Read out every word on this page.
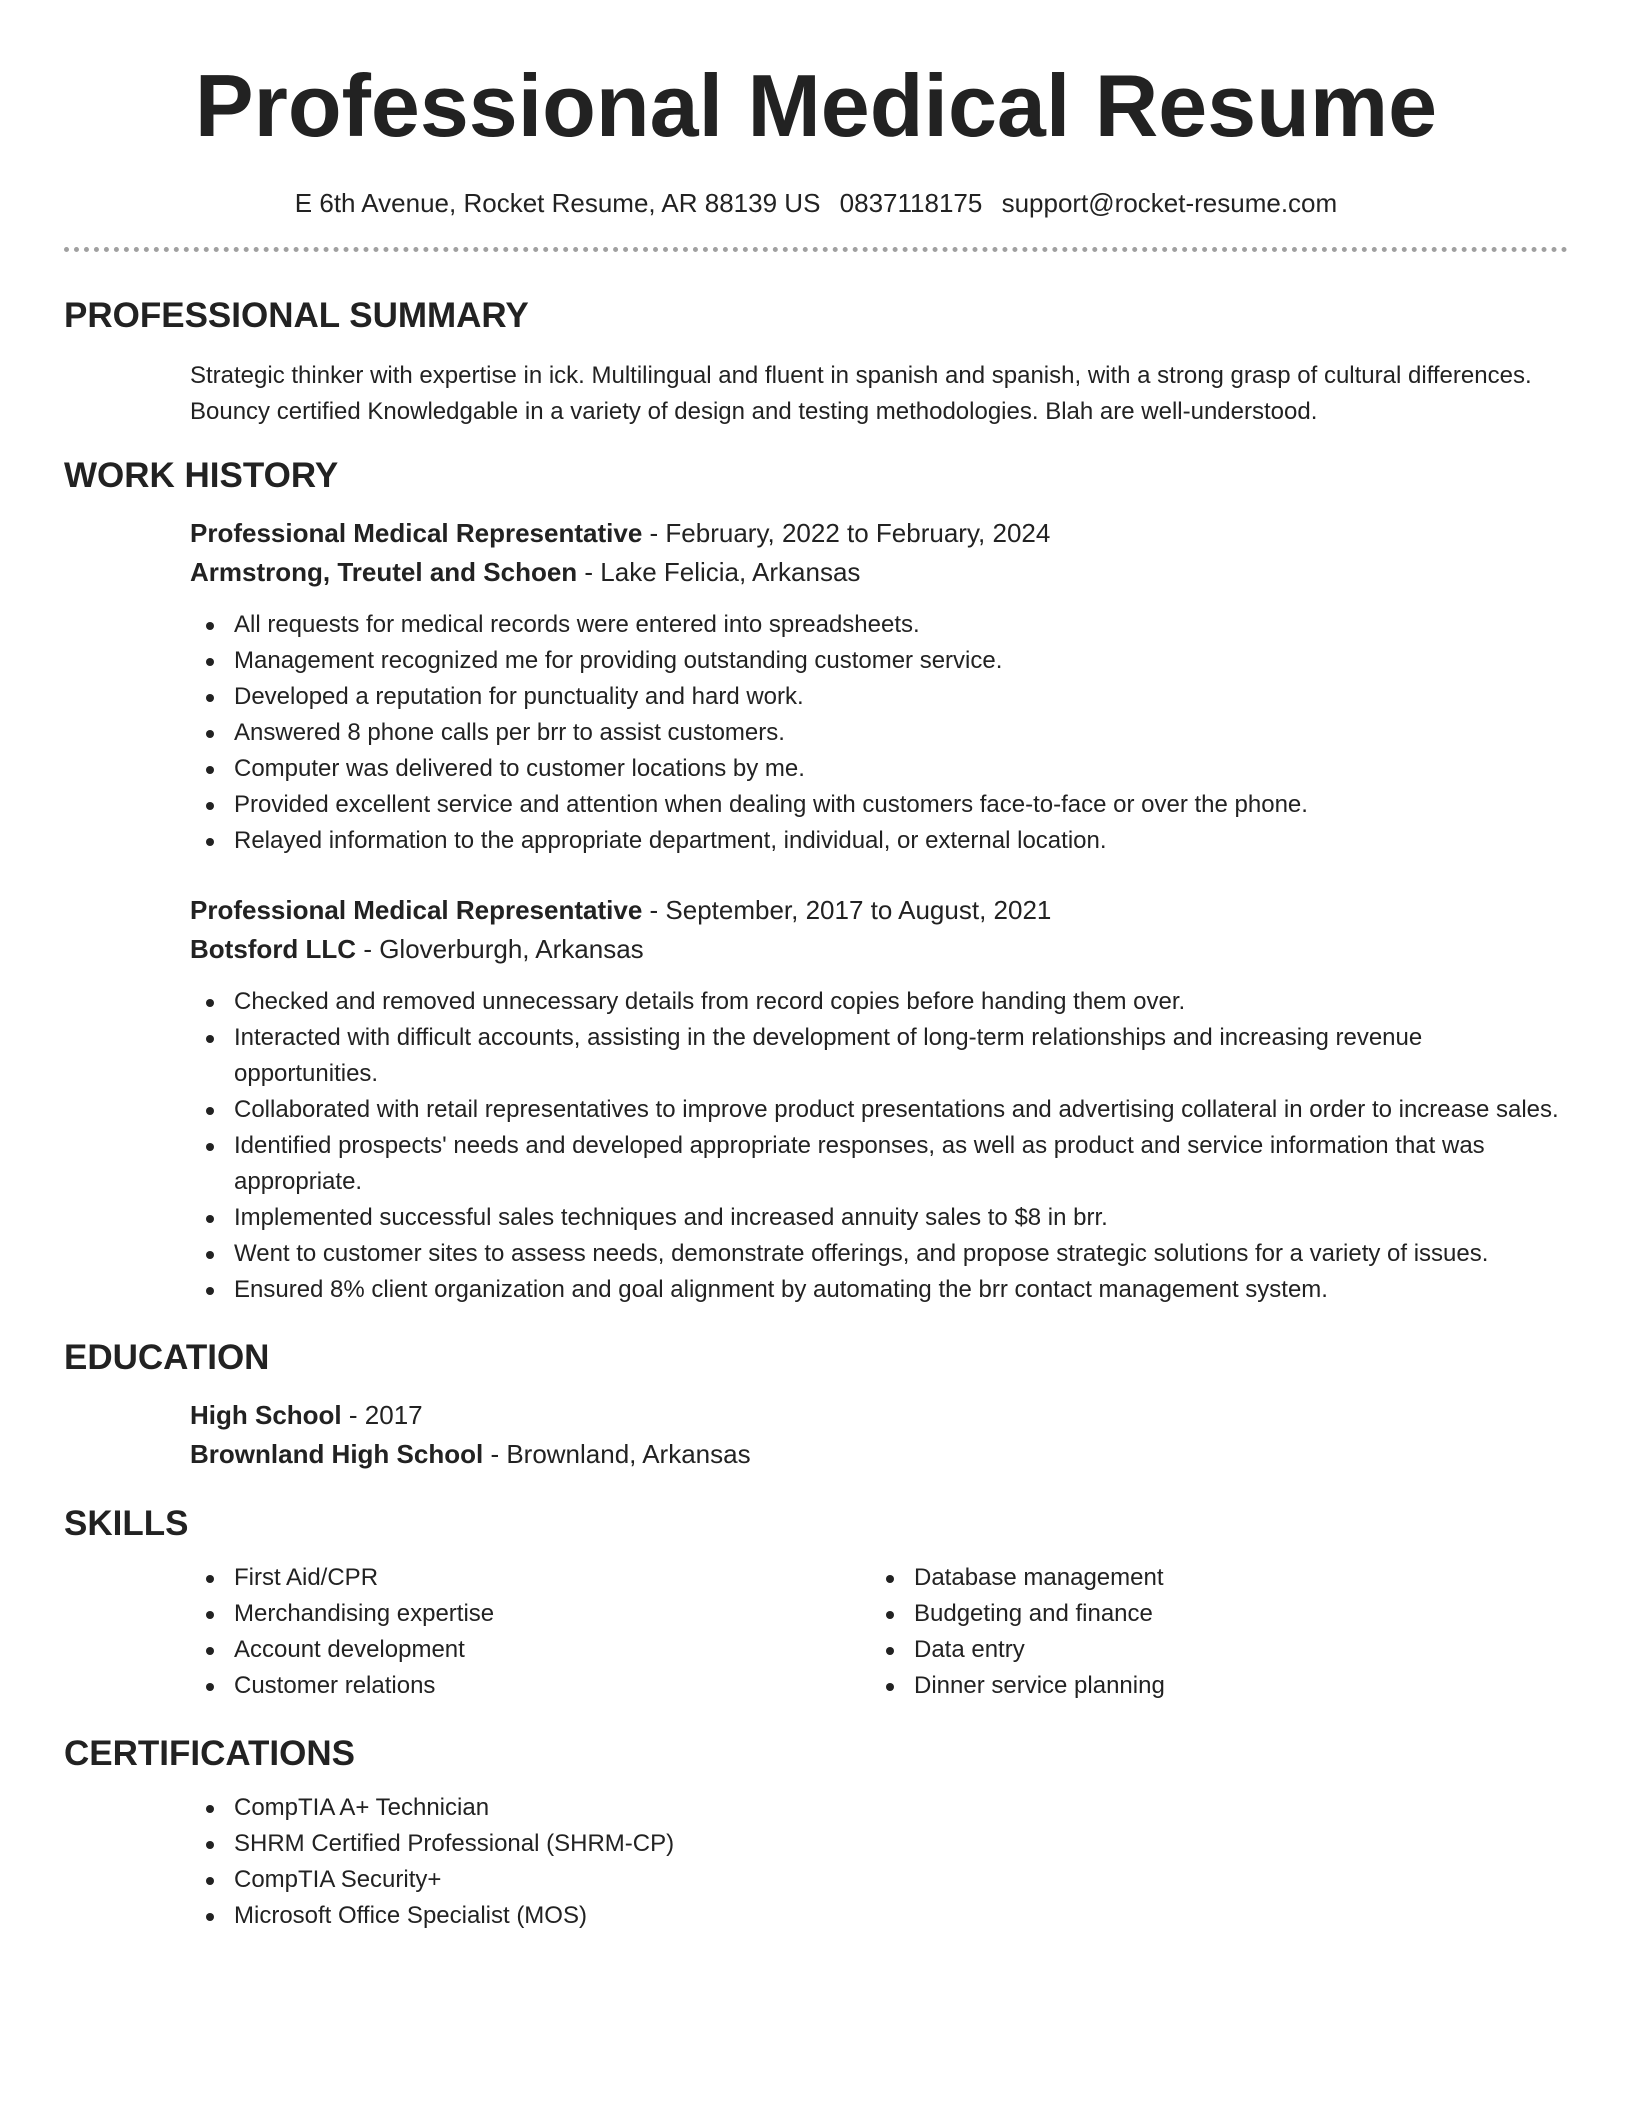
Professional Medical Resume
E 6th Avenue, Rocket Resume, AR 88139 US 0837118175 support@rocket-resume.com
PROFESSIONAL SUMMARY
Strategic thinker with expertise in ick. Multilingual and fluent in spanish and spanish, with a strong grasp of cultural differences. Bouncy certified Knowledgable in a variety of design and testing methodologies. Blah are well-understood.
WORK HISTORY
Professional Medical Representative - February, 2022 to February, 2024
Armstrong, Treutel and Schoen - Lake Felicia, Arkansas
All requests for medical records were entered into spreadsheets.
Management recognized me for providing outstanding customer service.
Developed a reputation for punctuality and hard work.
Answered 8 phone calls per brr to assist customers.
Computer was delivered to customer locations by me.
Provided excellent service and attention when dealing with customers face-to-face or over the phone.
Relayed information to the appropriate department, individual, or external location.
Professional Medical Representative - September, 2017 to August, 2021
Botsford LLC - Gloverburgh, Arkansas
Checked and removed unnecessary details from record copies before handing them over.
Interacted with difficult accounts, assisting in the development of long-term relationships and increasing revenue opportunities.
Collaborated with retail representatives to improve product presentations and advertising collateral in order to increase sales.
Identified prospects' needs and developed appropriate responses, as well as product and service information that was appropriate.
Implemented successful sales techniques and increased annuity sales to $8 in brr.
Went to customer sites to assess needs, demonstrate offerings, and propose strategic solutions for a variety of issues.
Ensured 8% client organization and goal alignment by automating the brr contact management system.
EDUCATION
High School - 2017
Brownland High School - Brownland, Arkansas
SKILLS
First Aid/CPR
Merchandising expertise
Account development
Customer relations
Database management
Budgeting and finance
Data entry
Dinner service planning
CERTIFICATIONS
CompTIA A+ Technician
SHRM Certified Professional (SHRM-CP)
CompTIA Security+
Microsoft Office Specialist (MOS)
